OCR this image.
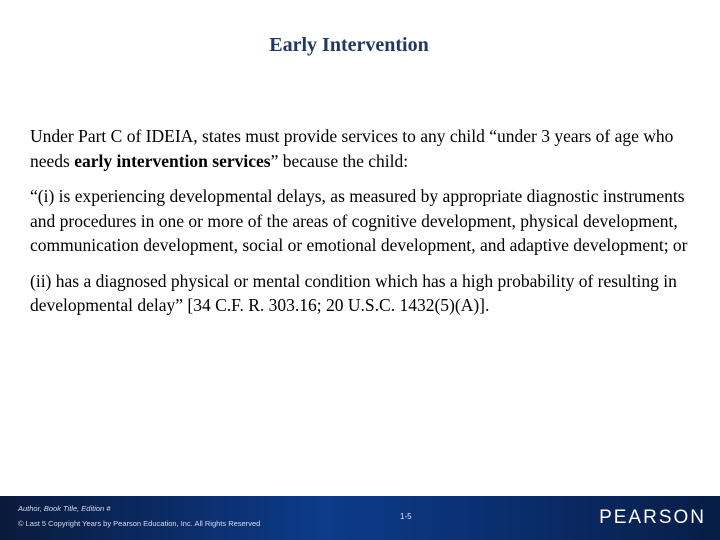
Early Intervention

Under Part C of IDEIA, states must provide services to any child “under 3 years of age who needs early intervention services” because the child:

“(i) is experiencing developmental delays, as measured by appropriate diagnostic instruments and procedures in one or more of the areas of cognitive development, physical development, communication development, social or emotional development, and adaptive development; or

(ii) has a diagnosed physical or mental condition which has a high probability of resulting in developmental delay” [34 C.F. R. 303.16; 20 U.S.C. 1432(5)(A)].

Author, Book Title, Edition #
© Last 5 Copyright Years by Pearson Education, Inc. All Rights Reserved
1-5	PEARSON
